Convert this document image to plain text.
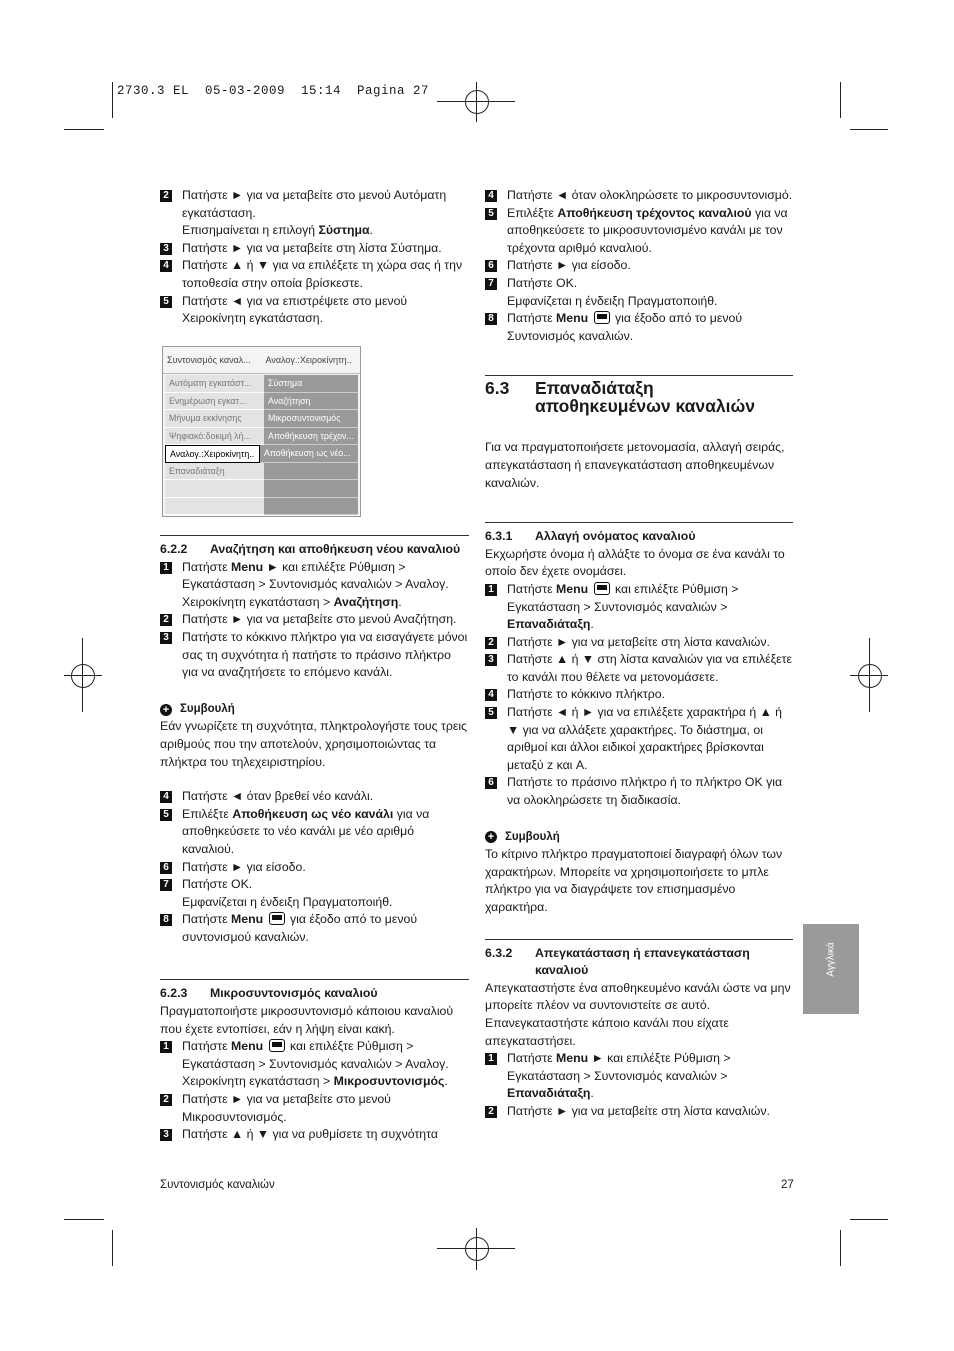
2730.3 EL  05-03-2009  15:14  Pagina 27
2 Πατήστε ► για να μεταβείτε στο μενού Αυτόματη εγκατάσταση.
Επισημαίνεται η επιλογή Σύστημα.
3 Πατήστε ► για να μεταβείτε στη λίστα Σύστημα.
4 Πατήστε ▲ ή ▼ για να επιλέξετε τη χώρα σας ή την τοποθεσία στην οποία βρίσκεστε.
5 Πατήστε ◄ για να επιστρέψετε στο μενού Χειροκίνητη εγκατάσταση.
Συντονισμός καναλ...	Αναλογ.:Χειροκίνητη..
Αυτόματη εγκατάστ...	Σύστημα
Ενημέρωση εγκατ...	Αναζήτηση
Μήνυμα εκκίνησης	Μικροσυντονισμός
Ψηφιακό:δοκιμή λή...	Αποθήκευση τρέχον...
Αναλογ.:Χειροκίνητη..	Αποθήκευση ως νέο...
Επαναδιάταξη
6.2.2	Αναζήτηση και αποθήκευση νέου καναλιού
1 Πατήστε Menu ► και επιλέξτε Ρύθμιση > Εγκατάσταση > Συντονισμός καναλιών > Αναλογ. Χειροκίνητη εγκατάσταση > Αναζήτηση.
2 Πατήστε ► για να μεταβείτε στο μενού Αναζήτηση.
3 Πατήστε το κόκκινο πλήκτρο για να εισαγάγετε μόνοι σας τη συχνότητα ή πατήστε το πράσινο πλήκτρο για να αναζητήσετε το επόμενο κανάλι.
+ Συμβουλή

Εάν γνωρίζετε τη συχνότητα, πληκτρολογήστε τους τρεις αριθμούς που την αποτελούν, χρησιμοποιώντας τα πλήκτρα του τηλεχειριστηρίου.

4 Πατήστε ◄ όταν βρεθεί νέο κανάλι.
5 Επιλέξτε Αποθήκευση ως νέο κανάλι για να αποθηκεύσετε το νέο κανάλι με νέο αριθμό καναλιού.
6 Πατήστε ► για είσοδο.
7 Πατήστε OK.
Εμφανίζεται η ένδειξη Πραγματοποιήθ.
8 Πατήστε Menu  για έξοδο από το μενού συντονισμού καναλιών.
6.2.3	Μικροσυντονισμός καναλιού

Πραγματοποιήστε μικροσυντονισμό κάποιου καναλιού που έχετε εντοπίσει, εάν η λήψη είναι κακή.

1 Πατήστε Menu  και επιλέξτε Ρύθμιση > Εγκατάσταση > Συντονισμός καναλιών > Αναλογ. Χειροκίνητη εγκατάσταση > Μικροσυντονισμός.
2 Πατήστε ► για να μεταβείτε στο μενού Μικροσυντονισμός.
3 Πατήστε ▲ ή ▼ για να ρυθμίσετε τη συχνότητα
4 Πατήστε ◄ όταν ολοκληρώσετε το μικροσυντονισμό.
5 Επιλέξτε Αποθήκευση τρέχοντος καναλιού για να αποθηκεύσετε το μικροσυντονισμένο κανάλι με τον τρέχοντα αριθμό καναλιού.
6 Πατήστε ► για είσοδο.
7 Πατήστε OK.
Εμφανίζεται η ένδειξη Πραγματοποιήθ.
8 Πατήστε Menu  για έξοδο από το μενού Συντονισμός καναλιών.
6.3	Επαναδιάταξη αποθηκευμένων καναλιών

Για να πραγματοποιήσετε μετονομασία, αλλαγή σειράς, απεγκατάσταση ή επανεγκατάσταση αποθηκευμένων καναλιών.

6.3.1	Αλλαγή ονόματος καναλιού

Εκχωρήστε όνομα ή αλλάξτε το όνομα σε ένα κανάλι το οποίο δεν έχετε ονομάσει.

1 Πατήστε Menu  και επιλέξτε Ρύθμιση > Εγκατάσταση > Συντονισμός καναλιών > Επαναδιάταξη.
2 Πατήστε ► για να μεταβείτε στη λίστα καναλιών.
3 Πατήστε ▲ ή ▼ στη λίστα καναλιών για να επιλέξετε το κανάλι που θέλετε να μετονομάσετε.
4 Πατήστε το κόκκινο πλήκτρο.
5 Πατήστε ◄ ή ► για να επιλέξετε χαρακτήρα ή ▲ ή ▼ για να αλλάξετε χαρακτήρες. Το διάστημα, οι αριθμοί και άλλοι ειδικοί χαρακτήρες βρίσκονται μεταξύ z και A.
6 Πατήστε το πράσινο πλήκτρο ή το πλήκτρο OK για να ολοκληρώσετε τη διαδικασία.
+ Συμβουλή

Το κίτρινο πλήκτρο πραγματοποιεί διαγραφή όλων των χαρακτήρων. Μπορείτε να χρησιμοποιήσετε το μπλε πλήκτρο για να διαγράψετε τον επισημασμένο χαρακτήρα.

6.3.2	Απεγκατάσταση ή επανεγκατάσταση καναλιού

Απεγκαταστήστε ένα αποθηκευμένο κανάλι ώστε να μην μπορείτε πλέον να συντονιστείτε σε αυτό. Επανεγκαταστήστε κάποιο κανάλι που είχατε απεγκαταστήσει.

1 Πατήστε Menu ► και επιλέξτε Ρύθμιση > Εγκατάσταση > Συντονισμός καναλιών > Επαναδιάταξη.
2 Πατήστε ► για να μεταβείτε στη λίστα καναλιών.
Αγγλικά
Συντονισμός καναλιών	27
